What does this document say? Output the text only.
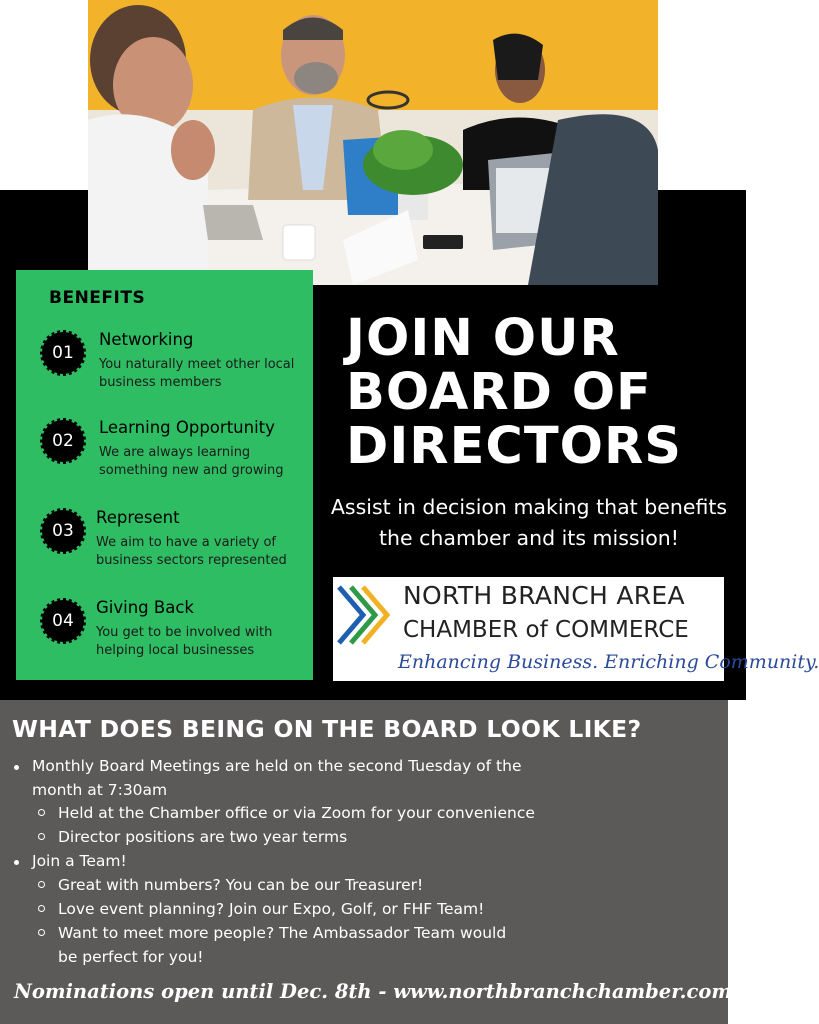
BENEFITS
01
Networking
You naturally meet other local business members
02
Learning Opportunity
We are always learning something new and growing
03
Represent
We aim to have a variety of business sectors represented
04
Giving Back
You get to be involved with helping local businesses
JOIN OUR
BOARD OF
DIRECTORS
Assist in decision making that benefits
the chamber and its mission!
NORTH BRANCH AREA
CHAMBER of COMMERCE
Enhancing Business. Enriching Community.
WHAT DOES BEING ON THE BOARD LOOK LIKE?
Monthly Board Meetings are held on the second Tuesday of the
month at 7:30am
Held at the Chamber office or via Zoom for your convenience
Director positions are two year terms
Join a Team!
Great with numbers? You can be our Treasurer!
Love event planning? Join our Expo, Golf, or FHF Team!
Want to meet more people? The Ambassador Team would
be perfect for you!
Nominations open until Dec. 8th - www.northbranchchamber.com
